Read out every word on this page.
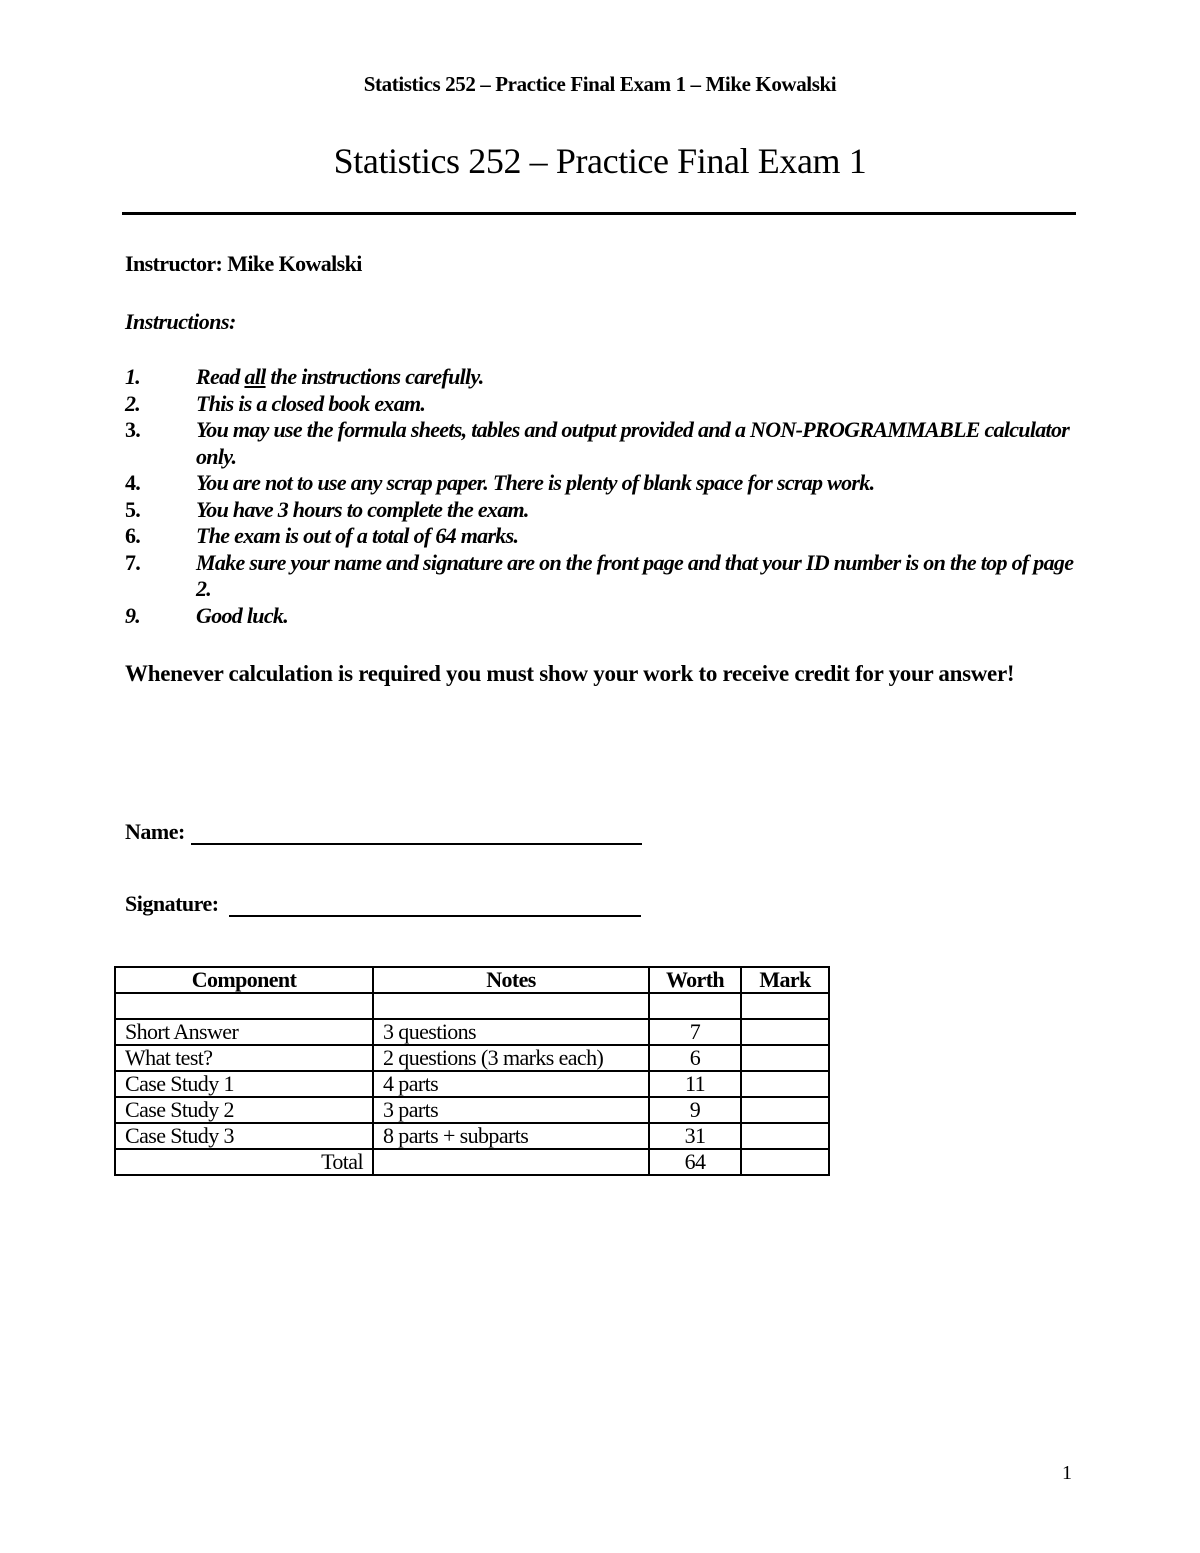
Statistics 252 – Practice Final Exam 1 – Mike Kowalski
Statistics 252 – Practice Final Exam 1
Instructor: Mike Kowalski
Instructions:
1.	Read all the instructions carefully.
2.	This is a closed book exam.
3.	You may use the formula sheets, tables and output provided and a NON-PROGRAMMABLE calculator only.
4.	You are not to use any scrap paper. There is plenty of blank space for scrap work.
5.	You have 3 hours to complete the exam.
6.	The exam is out of a total of 64 marks.
7.	Make sure your name and signature are on the front page and that your ID number is on the top of page 2.
9.	Good luck.
Whenever calculation is required you must show your work to receive credit for your answer!
Name:
Signature:
Component	Notes	Worth	Mark

Short Answer	3 questions	7	
What test?	2 questions (3 marks each)	6	
Case Study 1	4 parts	11	
Case Study 2	3 parts	9	
Case Study 3	8 parts + subparts	31	
Total		64	
1
